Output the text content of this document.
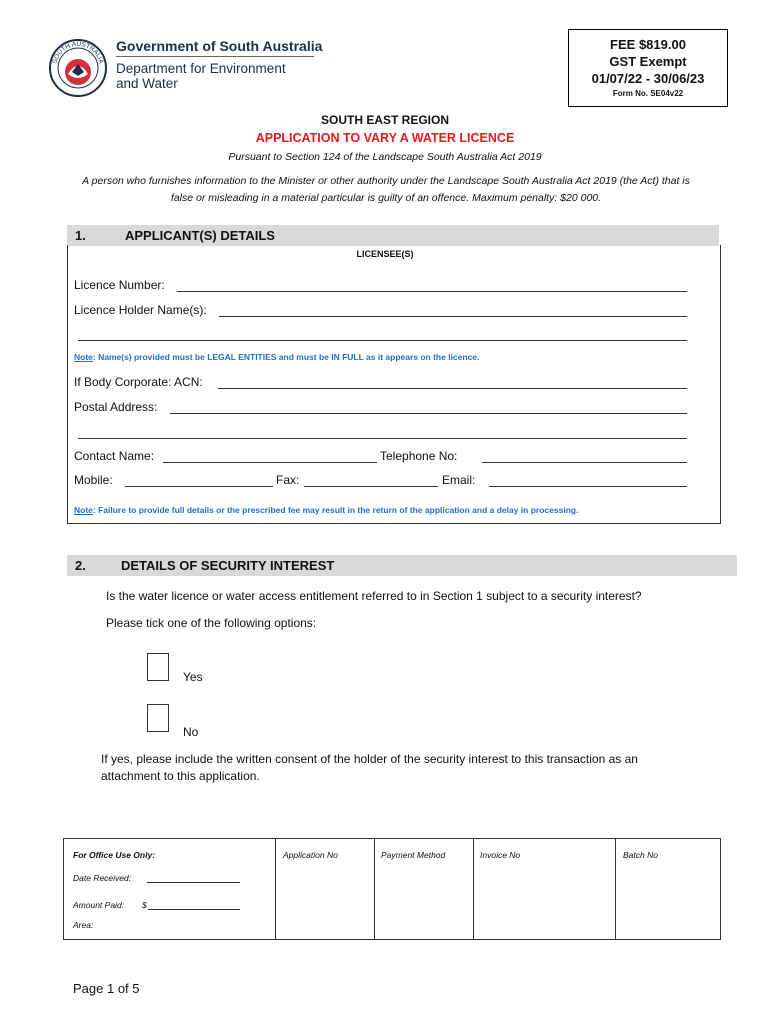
SOUTH AUSTRALIA
Government of South Australia
Department for Environment
and Water
FEE $819.00
GST Exempt
01/07/22 - 30/06/23
Form No. SE04v22
SOUTH EAST REGION
APPLICATION TO VARY A WATER LICENCE
Pursuant to Section 124 of the Landscape South Australia Act 2019
A person who furnishes information to the Minister or other authority under the Landscape South Australia Act 2019 (the Act) that is false or misleading in a material particular is guilty of an offence. Maximum penalty: $20 000.
1.	APPLICANT(S) DETAILS
LICENSEE(S)
Licence Number:
Licence Holder Name(s):
Note: Name(s) provided must be LEGAL ENTITIES and must be IN FULL as it appears on the licence.
If Body Corporate: ACN:
Postal Address:
Contact Name:	Telephone No:
Mobile:	Fax:	Email:
Note: Failure to provide full details or the prescribed fee may result in the return of the application and a delay in processing.
2.	DETAILS OF SECURITY INTEREST
Is the water licence or water access entitlement referred to in Section 1 subject to a security interest?
Please tick one of the following options:
Yes
No
If yes, please include the written consent of the holder of the security interest to this transaction as an
attachment to this application.
For Office Use Only:
Date Received:
Amount Paid: $
Area:
Application No	Payment Method	Invoice No	Batch No
Page 1 of 5
